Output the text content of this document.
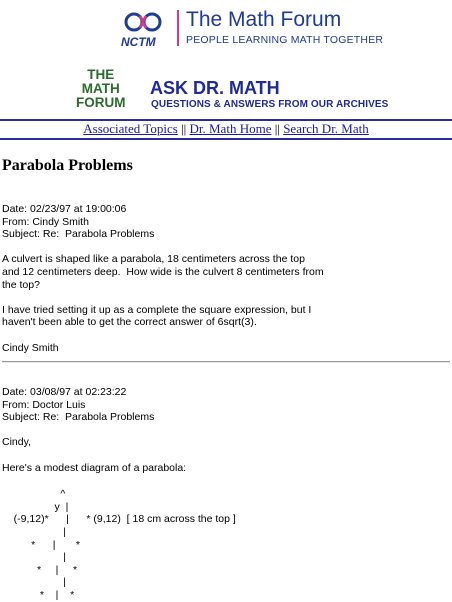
NCTM
The Math Forum
PEOPLE LEARNING MATH TOGETHER
THE
MATH
FORUM
ASK DR. MATH
QUESTIONS & ANSWERS FROM OUR ARCHIVES
Associated Topics || Dr. Math Home || Search Dr. Math
Parabola Problems
Date: 02/23/97 at 19:00:06
From: Cindy Smith
Subject: Re:  Parabola Problems
A culvert is shaped like a parabola, 18 centimeters across the top
and 12 centimeters deep.  How wide is the culvert 8 centimeters from
the top?

I have tried setting it up as a complete the square expression, but I
haven't been able to get the correct answer of 6sqrt(3).

Cindy Smith
Date: 03/08/97 at 02:23:22
From: Doctor Luis
Subject: Re:  Parabola Problems
Cindy,

Here's a modest diagram of a parabola:
^
y  |
(-9,12)*      |      * (9,12)  [ 18 cm across the top ]
|
*      |       *
|
*     |     *
|
*    |    *
